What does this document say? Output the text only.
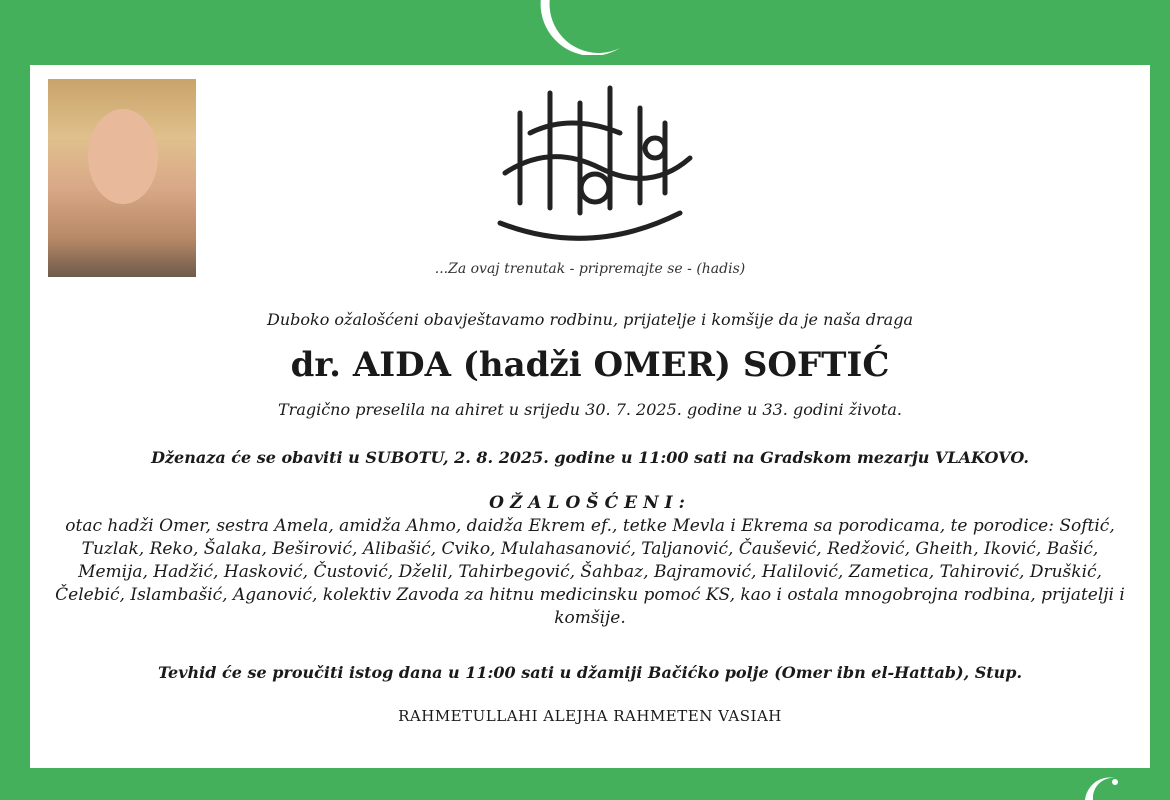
...Za ovaj trenutak - pripremajte se - (hadis)
Duboko ožalošćeni obavještavamo rodbinu, prijatelje i komšije da je naša draga
dr. AIDA (hadži OMER) SOFTIĆ
Tragično preselila na ahiret u srijedu 30. 7. 2025. godine u 33. godini života.
Dženaza će se obaviti u SUBOTU, 2. 8. 2025. godine u 11:00 sati na Gradskom mezarju VLAKOVO.
OŽALOŠĆENI:
otac hadži Omer, sestra Amela, amidža Ahmo, daidža Ekrem ef., tetke Mevla i Ekrema sa porodicama, te porodice: Softić, Tuzlak, Reko, Šalaka, Beširović, Alibašić, Cviko, Mulahasanović, Taljanović, Čaušević, Redžović, Gheith, Iković, Bašić, Memija, Hadžić, Hasković, Čustović, Dželil, Tahirbegović, Šahbaz, Bajramović, Halilović, Zametica, Tahirović, Druškić, Čelebić, Islambašić, Aganović, kolektiv Zavoda za hitnu medicinsku pomoć KS, kao i ostala mnogobrojna rodbina, prijatelji i komšije.
Tevhid će se proučiti istog dana u 11:00 sati u džamiji Bačićko polje (Omer ibn el-Hattab), Stup.
RAHMETULLAHI ALEJHA RAHMETEN VASIAH
